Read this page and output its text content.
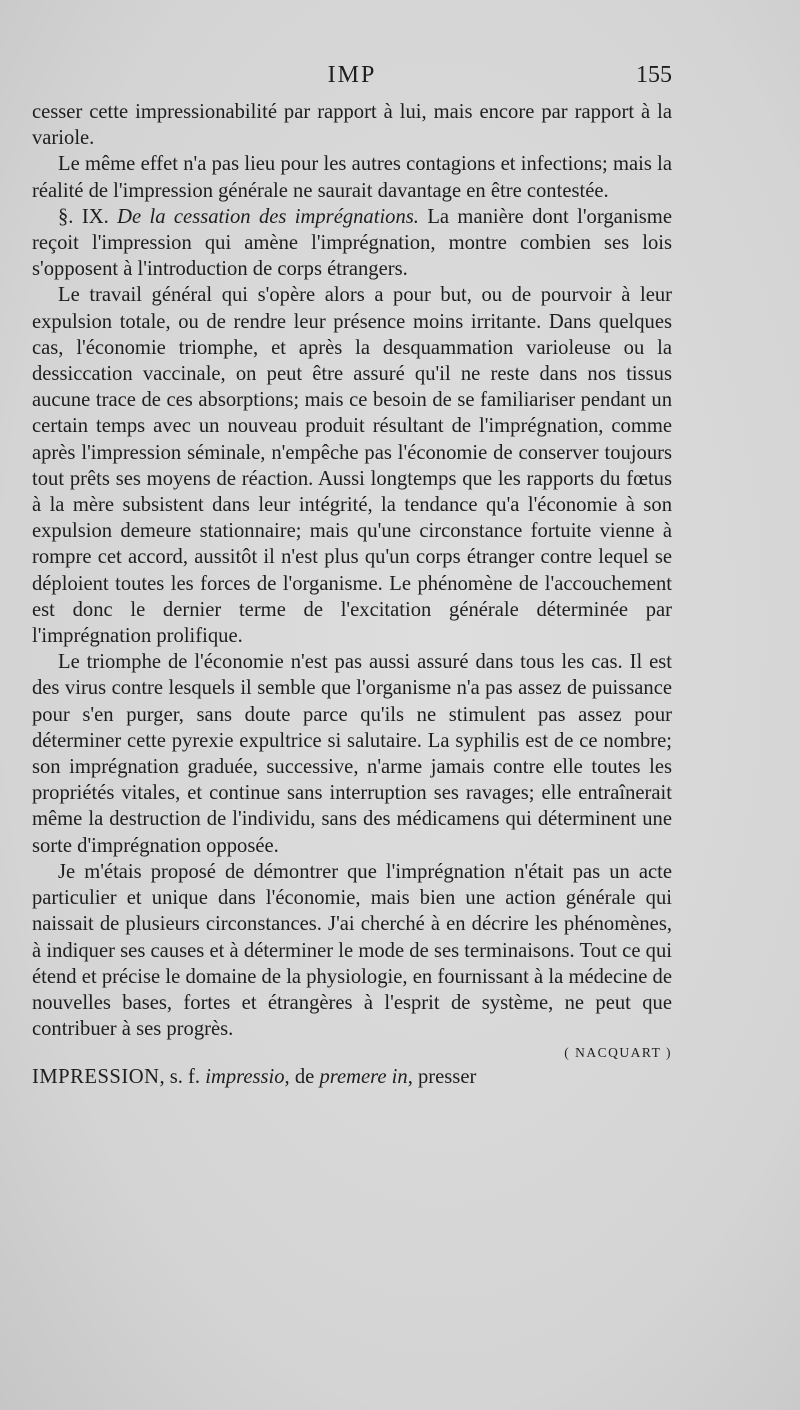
IMP	155

cesser cette impressionabilité par rapport à lui, mais encore par rapport à la variole.

Le même effet n'a pas lieu pour les autres contagions et infections; mais la réalité de l'impression générale ne saurait davantage en être contestée.

§. IX. De la cessation des imprégnations. La manière dont l'organisme reçoit l'impression qui amène l'imprégnation, montre combien ses lois s'opposent à l'introduction de corps étrangers.

Le travail général qui s'opère alors a pour but, ou de pourvoir à leur expulsion totale, ou de rendre leur présence moins irritante. Dans quelques cas, l'économie triomphe, et après la desquammation varioleuse ou la dessiccation vaccinale, on peut être assuré qu'il ne reste dans nos tissus aucune trace de ces absorptions; mais ce besoin de se familiariser pendant un certain temps avec un nouveau produit résultant de l'imprégnation, comme après l'impression séminale, n'empêche pas l'économie de conserver toujours tout prêts ses moyens de réaction. Aussi longtemps que les rapports du fœtus à la mère subsistent dans leur intégrité, la tendance qu'a l'économie à son expulsion demeure stationnaire; mais qu'une circonstance fortuite vienne à rompre cet accord, aussitôt il n'est plus qu'un corps étranger contre lequel se déploient toutes les forces de l'organisme. Le phénomène de l'accouchement est donc le dernier terme de l'excitation générale déterminée par l'imprégnation prolifique.

Le triomphe de l'économie n'est pas aussi assuré dans tous les cas. Il est des virus contre lesquels il semble que l'organisme n'a pas assez de puissance pour s'en purger, sans doute parce qu'ils ne stimulent pas assez pour déterminer cette pyrexie expultrice si salutaire. La syphilis est de ce nombre; son imprégnation graduée, successive, n'arme jamais contre elle toutes les propriétés vitales, et continue sans interruption ses ravages; elle entraînerait même la destruction de l'individu, sans des médicamens qui déterminent une sorte d'imprégnation opposée.

Je m'étais proposé de démontrer que l'imprégnation n'était pas un acte particulier et unique dans l'économie, mais bien une action générale qui naissait de plusieurs circonstances. J'ai cherché à en décrire les phénomènes, à indiquer ses causes et à déterminer le mode de ses terminaisons. Tout ce qui étend et précise le domaine de la physiologie, en fournissant à la médecine de nouvelles bases, fortes et étrangères à l'esprit de système, ne peut que contribuer à ses progrès.

( NACQUART )

IMPRESSION, s. f. impressio, de premere in, presser
